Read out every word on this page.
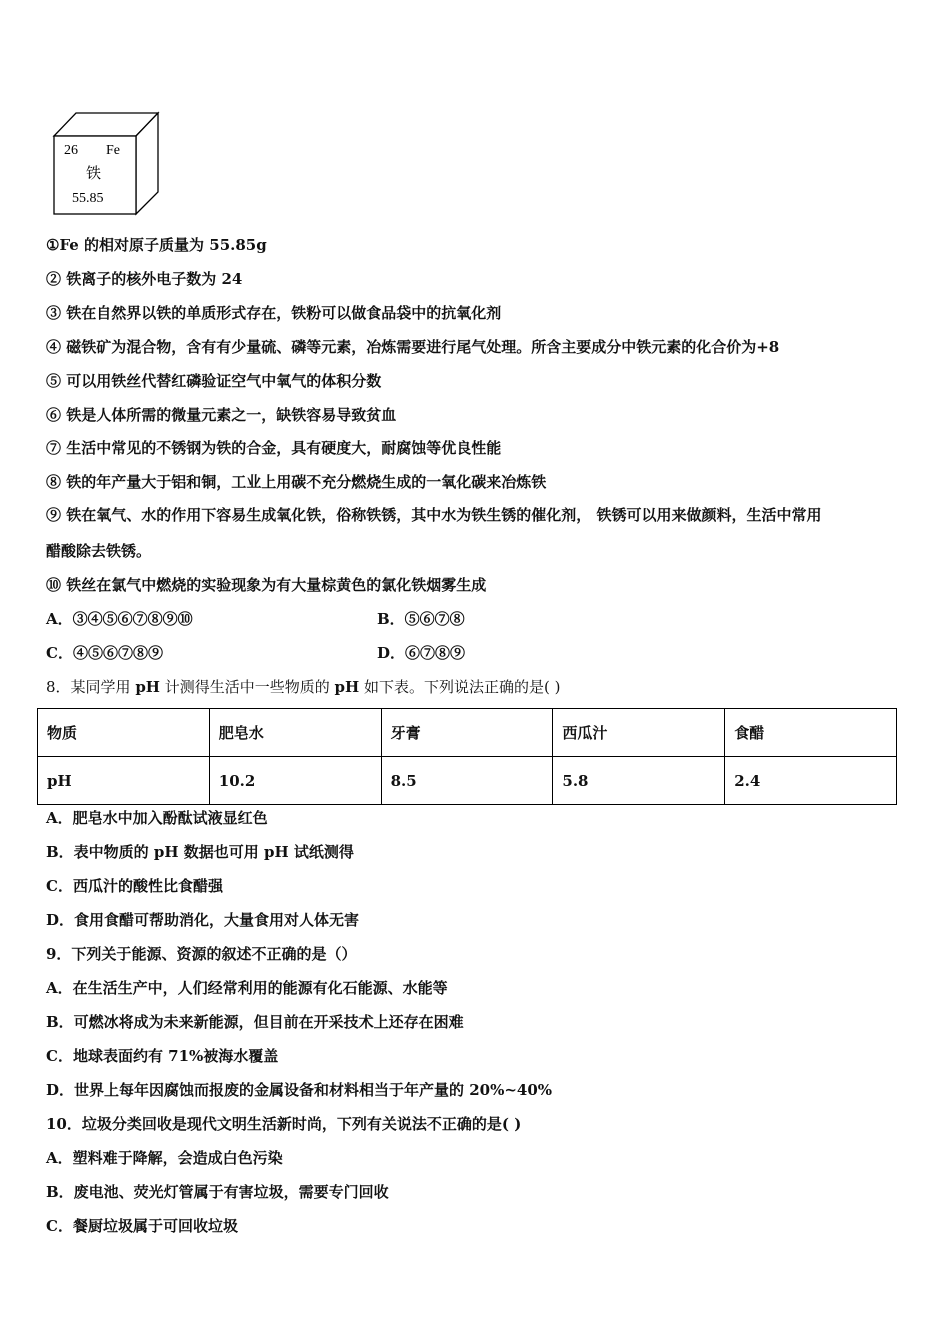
26 Fe
铁
55.85
①Fe 的相对原子质量为 55.85g
② 铁离子的核外电子数为 24
③ 铁在自然界以铁的单质形式存在，铁粉可以做食品袋中的抗氧化剂
④ 磁铁矿为混合物，含有有少量硫、磷等元素，冶炼需要进行尾气处理。所含主要成分中铁元素的化合价为+8
⑤ 可以用铁丝代替红磷验证空气中氧气的体积分数
⑥ 铁是人体所需的微量元素之一，缺铁容易导致贫血
⑦ 生活中常见的不锈钢为铁的合金，具有硬度大，耐腐蚀等优良性能
⑧ 铁的年产量大于铝和铜，工业上用碳不充分燃烧生成的一氧化碳来冶炼铁
⑨ 铁在氧气、水的作用下容易生成氧化铁，俗称铁锈，其中水为铁生锈的催化剂， 铁锈可以用来做颜料，生活中常用
醋酸除去铁锈。
⑩ 铁丝在氯气中燃烧的实验现象为有大量棕黄色的氯化铁烟雾生成
A．③④⑤⑥⑦⑧⑨⑩	B．⑤⑥⑦⑧
C．④⑤⑥⑦⑧⑨	D．⑥⑦⑧⑨
8．某同学用 pH 计测得生活中一些物质的 pH 如下表。下列说法正确的是( )
物质	肥皂水	牙膏	西瓜汁	食醋
pH	10.2	8.5	5.8	2.4
A．肥皂水中加入酚酞试液显红色
B．表中物质的 pH 数据也可用 pH 试纸测得
C．西瓜汁的酸性比食醋强
D．食用食醋可帮助消化，大量食用对人体无害
9．下列关于能源、资源的叙述不正确的是（）
A．在生活生产中，人们经常利用的能源有化石能源、水能等
B．可燃冰将成为未来新能源，但目前在开采技术上还存在困难
C．地球表面约有 71%被海水覆盖
D．世界上每年因腐蚀而报废的金属设备和材料相当于年产量的 20%~40%
10．垃圾分类回收是现代文明生活新时尚，下列有关说法不正确的是( )
A．塑料难于降解，会造成白色污染
B．废电池、荧光灯管属于有害垃圾，需要专门回收
C．餐厨垃圾属于可回收垃圾
